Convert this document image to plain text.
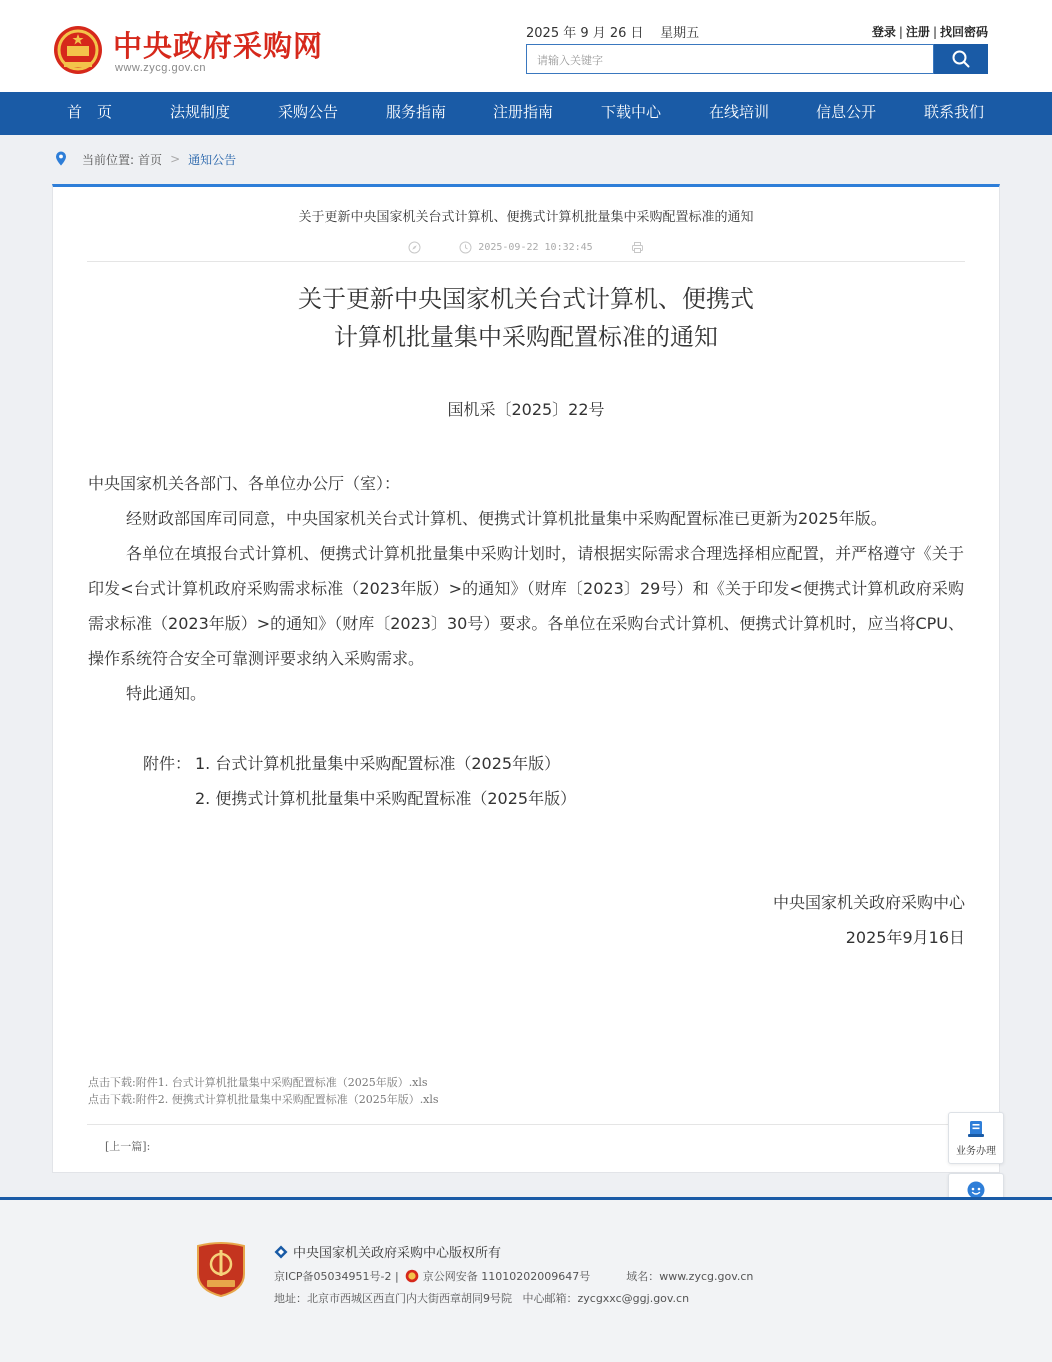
中央政府采购网
www.zycg.gov.cn
2025 年 9 月 26 日    星期五	登录 | 注册 | 找回密码
请输入关键字
首　页	法规制度	采购公告	服务指南	注册指南	下载中心	在线培训	信息公开	联系我们
当前位置: 首页 > 通知公告
关于更新中央国家机关台式计算机、便携式计算机批量集中采购配置标准的通知
2025-09-22 10:32:45
关于更新中央国家机关台式计算机、便携式
计算机批量集中采购配置标准的通知
国机采〔2025〕22号
中央国家机关各部门、各单位办公厅（室）：
经财政部国库司同意，中央国家机关台式计算机、便携式计算机批量集中采购配置标准已更新为2025年版。
各单位在填报台式计算机、便携式计算机批量集中采购计划时，请根据实际需求合理选择相应配置，并严格遵守《关于印发<台式计算机政府采购需求标准（2023年版）>的通知》（财库〔2023〕29号）和《关于印发<便携式计算机政府采购需求标准（2023年版）>的通知》（财库〔2023〕30号）要求。各单位在采购台式计算机、便携式计算机时，应当将CPU、操作系统符合安全可靠测评要求纳入采购需求。
特此通知。
附件： 1. 台式计算机批量集中采购配置标准（2025年版）
2. 便携式计算机批量集中采购配置标准（2025年版）
中央国家机关政府采购中心
2025年9月16日
点击下载:附件1. 台式计算机批量集中采购配置标准（2025年版）.xls
点击下载:附件2. 便携式计算机批量集中采购配置标准（2025年版）.xls
[上一篇]:	业务办理
中央国家机关政府采购中心版权所有
京ICP备05034951号-2 | 京公网安备 11010202009647号	域名：www.zycg.gov.cn
地址：北京市西城区西直门内大街西章胡同9号院   中心邮箱：zycgxxc@ggj.gov.cn
